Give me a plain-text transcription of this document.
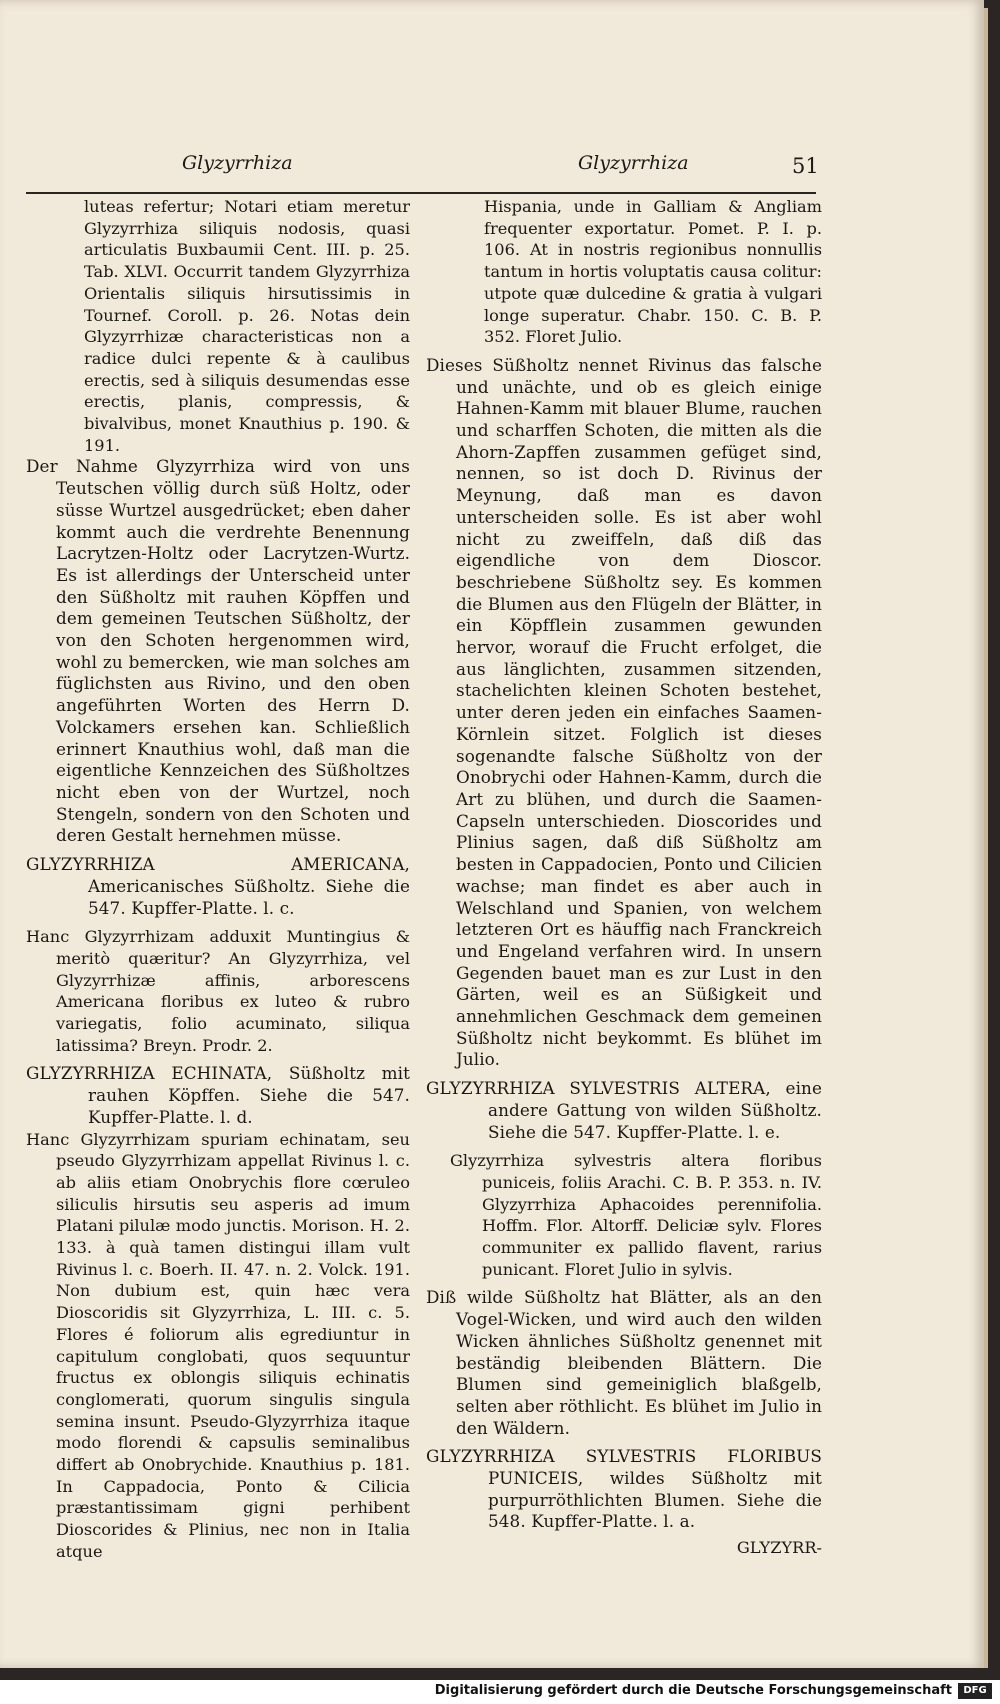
Glyzyrrhiza	Glyzyrrhiza	51

luteas refertur; Notari etiam meretur Glyzyrrhiza siliquis nodosis, quasi articulatis Buxbaumii Cent. III. p. 25. Tab. XLVI. Occurrit tandem Glyzyrrhiza Orientalis siliquis hirsutissimis in Tournef. Coroll. p. 26. Notas dein Glyzyrrhizæ characteristicas non a radice dulci repente & à caulibus erectis, sed à siliquis desumendas esse erectis, planis, compressis, & bivalvibus, monet Knauthius p. 190. & 191.

Der Nahme Glyzyrrhiza wird von uns Teutschen völlig durch süß Holtz, oder süsse Wurtzel ausgedrücket; eben daher kommt auch die verdrehte Benennung Lacrytzen-Holtz oder Lacrytzen-Wurtz. Es ist allerdings der Unterscheid unter den Süßholtz mit rauhen Köpffen und dem gemeinen Teutschen Süßholtz, der von den Schoten hergenommen wird, wohl zu bemercken, wie man solches am füglichsten aus Rivino, und den oben angeführten Worten des Herrn D. Volckamers ersehen kan. Schließlich erinnert Knauthius wohl, daß man die eigentliche Kennzeichen des Süßholtzes nicht eben von der Wurtzel, noch Stengeln, sondern von den Schoten und deren Gestalt hernehmen müsse.

GLYZYRRHIZA AMERICANA, Americanisches Süßholtz. Siehe die 547. Kupffer-Platte. l. c.

Hanc Glyzyrrhizam adduxit Muntingius & meritò quæritur? An Glyzyrrhiza, vel Glyzyrrhizæ affinis, arborescens Americana floribus ex luteo & rubro variegatis, folio acuminato, siliqua latissima? Breyn. Prodr. 2.

GLYZYRRHIZA ECHINATA, Süßholtz mit rauhen Köpffen. Siehe die 547. Kupffer-Platte. l. d.

Hanc Glyzyrrhizam spuriam echinatam, seu pseudo Glyzyrrhizam appellat Rivinus l. c. ab aliis etiam Onobrychis flore cœruleo siliculis hirsutis seu asperis ad imum Platani pilulæ modo junctis. Morison. H. 2. 133. à quà tamen distingui illam vult Rivinus l. c. Boerh. II. 47. n. 2. Volck. 191. Non dubium est, quin hæc vera Dioscoridis sit Glyzyrrhiza, L. III. c. 5. Flores é foliorum alis egrediuntur in capitulum conglobati, quos sequuntur fructus ex oblongis siliquis echinatis conglomerati, quorum singulis singula semina insunt. Pseudo-Glyzyrrhiza itaque modo florendi & capsulis seminalibus differt ab Onobrychide. Knauthius p. 181. In Cappadocia, Ponto & Cilicia præstantissimam gigni perhibent Dioscorides & Plinius, nec non in Italia atque

Hispania, unde in Galliam & Angliam frequenter exportatur. Pomet. P. I. p. 106. At in nostris regionibus nonnullis tantum in hortis voluptatis causa colitur: utpote quæ dulcedine & gratia à vulgari longe superatur. Chabr. 150. C. B. P. 352. Floret Julio.

Dieses Süßholtz nennet Rivinus das falsche und unächte, und ob es gleich einige Hahnen-Kamm mit blauer Blume, rauchen und scharffen Schoten, die mitten als die Ahorn-Zapffen zusammen gefüget sind, nennen, so ist doch D. Rivinus der Meynung, daß man es davon unterscheiden solle. Es ist aber wohl nicht zu zweiffeln, daß diß das eigendliche von dem Dioscor. beschriebene Süßholtz sey. Es kommen die Blumen aus den Flügeln der Blätter, in ein Köpfflein zusammen gewunden hervor, worauf die Frucht erfolget, die aus länglichten, zusammen sitzenden, stachelichten kleinen Schoten bestehet, unter deren jeden ein einfaches Saamen-Körnlein sitzet. Folglich ist dieses sogenandte falsche Süßholtz von der Onobrychi oder Hahnen-Kamm, durch die Art zu blühen, und durch die Saamen-Capseln unterschieden. Dioscorides und Plinius sagen, daß diß Süßholtz am besten in Cappadocien, Ponto und Cilicien wachse; man findet es aber auch in Welschland und Spanien, von welchem letzteren Ort es häuffig nach Franckreich und Engeland verfahren wird. In unsern Gegenden bauet man es zur Lust in den Gärten, weil es an Süßigkeit und annehmlichen Geschmack dem gemeinen Süßholtz nicht beykommt. Es blühet im Julio.

GLYZYRRHIZA SYLVESTRIS ALTERA, eine andere Gattung von wilden Süßholtz. Siehe die 547. Kupffer-Platte. l. e.

Glyzyrrhiza sylvestris altera floribus puniceis, foliis Arachi. C. B. P. 353. n. IV. Glyzyrrhiza Aphacoides perennifolia. Hoffm. Flor. Altorff. Deliciæ sylv. Flores communiter ex pallido flavent, rarius punicant. Floret Julio in sylvis.

Diß wilde Süßholtz hat Blätter, als an den Vogel-Wicken, und wird auch den wilden Wicken ähnliches Süßholtz genennet mit beständig bleibenden Blättern. Die Blumen sind gemeiniglich blaßgelb, selten aber röthlicht. Es blühet im Julio in den Wäldern.

GLYZYRRHIZA SYLVESTRIS FLORIBUS PUNICEIS, wildes Süßholtz mit purpurröthlichten Blumen. Siehe die 548. Kupffer-Platte. l. a.

GLYZYRR-

Digitalisierung gefördert durch die Deutsche Forschungsgemeinschaft	DFG
